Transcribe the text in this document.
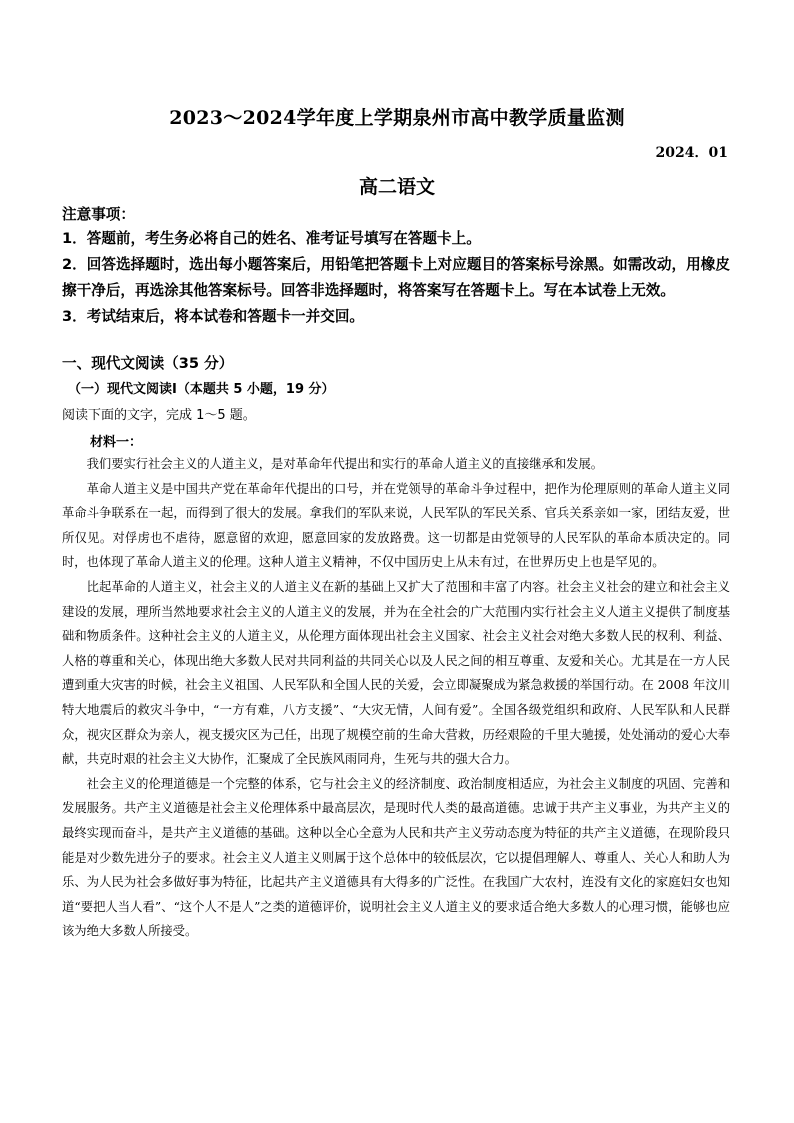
2023～2024学年度上学期泉州市高中教学质量监测
2024．01
高二语文

注意事项：

1．答题前，考生务必将自己的姓名、准考证号填写在答题卡上。

2．回答选择题时，选出每小题答案后，用铅笔把答题卡上对应题目的答案标号涂黑。如需改动，用橡皮擦干净后，再选涂其他答案标号。回答非选择题时，将答案写在答题卡上。写在本试卷上无效。

3．考试结束后，将本试卷和答题卡一并交回。

一、现代文阅读（35 分）
（一）现代文阅读Ⅰ（本题共 5 小题，19 分）
阅读下面的文字，完成 1～5 题。
材料一：

我们要实行社会主义的人道主义，是对革命年代提出和实行的革命人道主义的直接继承和发展。

革命人道主义是中国共产党在革命年代提出的口号，并在党领导的革命斗争过程中，把作为伦理原则的革命人道主义同革命斗争联系在一起，而得到了很大的发展。拿我们的军队来说，人民军队的军民关系、官兵关系亲如一家，团结友爱，世所仅见。对俘虏也不虐待，愿意留的欢迎，愿意回家的发放路费。这一切都是由党领导的人民军队的革命本质决定的。同时，也体现了革命人道主义的伦理。这种人道主义精神，不仅中国历史上从未有过，在世界历史上也是罕见的。

比起革命的人道主义，社会主义的人道主义在新的基础上又扩大了范围和丰富了内容。社会主义社会的建立和社会主义建设的发展，理所当然地要求社会主义的人道主义的发展，并为在全社会的广大范围内实行社会主义人道主义提供了制度基础和物质条件。这种社会主义的人道主义，从伦理方面体现出社会主义国家、社会主义社会对绝大多数人民的权利、利益、人格的尊重和关心，体现出绝大多数人民对共同利益的共同关心以及人民之间的相互尊重、友爱和关心。尤其是在一方人民遭到重大灾害的时候，社会主义祖国、人民军队和全国人民的关爱，会立即凝聚成为紧急救援的举国行动。在 2008 年汶川特大地震后的救灾斗争中，“一方有难，八方支援”、“大灾无情，人间有爱”。全国各级党组织和政府、人民军队和人民群众，视灾区群众为亲人，视支援灾区为己任，出现了规模空前的生命大营救，历经艰险的千里大驰援，处处涌动的爱心大奉献，共克时艰的社会主义大协作，汇聚成了全民族风雨同舟，生死与共的强大合力。

社会主义的伦理道德是一个完整的体系，它与社会主义的经济制度、政治制度相适应，为社会主义制度的巩固、完善和发展服务。共产主义道德是社会主义伦理体系中最高层次，是现时代人类的最高道德。忠诚于共产主义事业，为共产主义的最终实现而奋斗，是共产主义道德的基础。这种以全心全意为人民和共产主义劳动态度为特征的共产主义道德，在现阶段只能是对少数先进分子的要求。社会主义人道主义则属于这个总体中的较低层次，它以提倡理解人、尊重人、关心人和助人为乐、为人民为社会多做好事为特征，比起共产主义道德具有大得多的广泛性。在我国广大农村，连没有文化的家庭妇女也知道“要把人当人看”、“这个人不是人”之类的道德评价，说明社会主义人道主义的要求适合绝大多数人的心理习惯，能够也应该为绝大多数人所接受。
